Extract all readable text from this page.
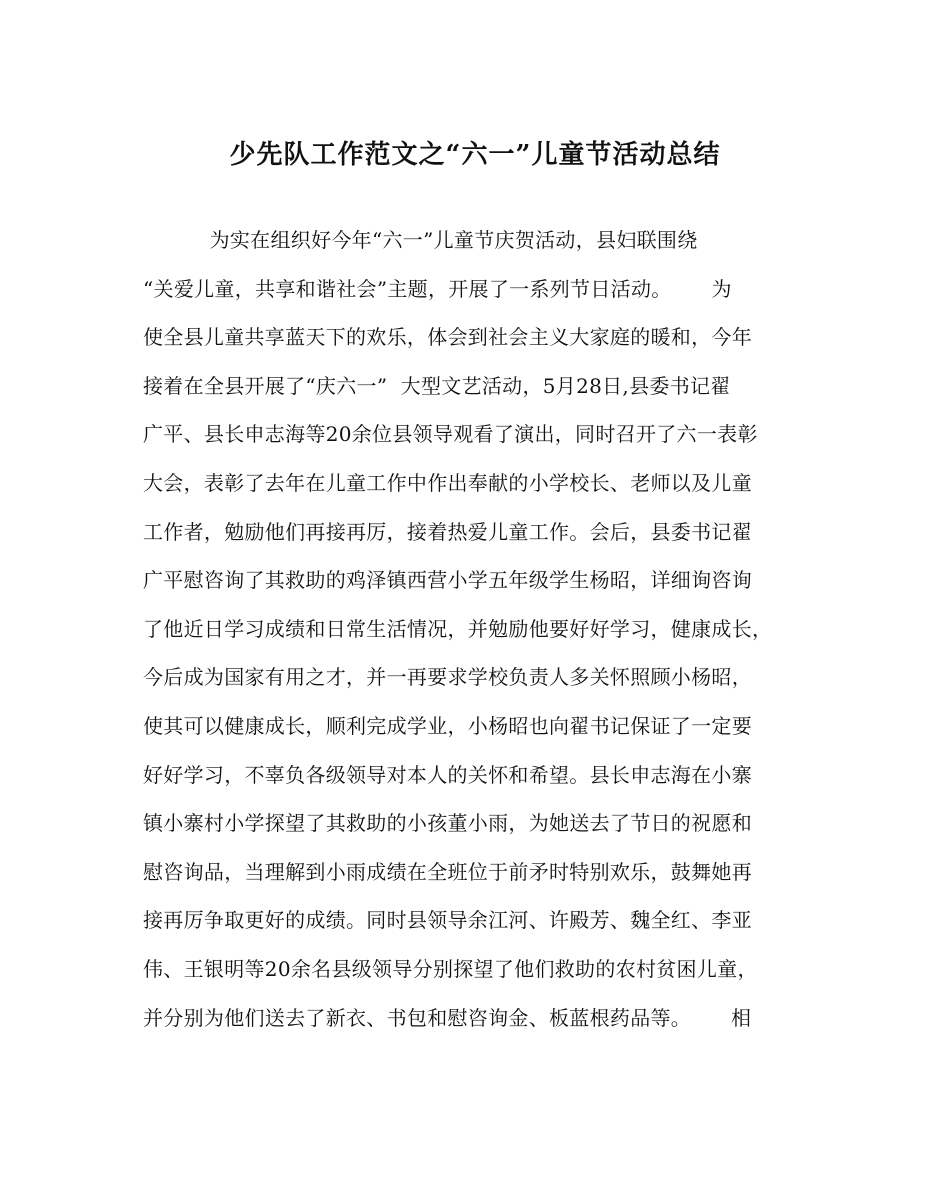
少先队工作范文之“六一”儿童节活动总结
为实在组织好今年“六一”儿童节庆贺活动，县妇联围绕
“关爱儿童，共享和谐社会”主题，开展了一系列节日活动。      为
使全县儿童共享蓝天下的欢乐，体会到社会主义大家庭的暖和，今年
接着在全县开展了“庆六一”  大型文艺活动，5月28日,县委书记翟
广平、县长申志海等20余位县领导观看了演出，同时召开了六一表彰
大会，表彰了去年在儿童工作中作出奉献的小学校长、老师以及儿童
工作者，勉励他们再接再厉，接着热爱儿童工作。会后，县委书记翟
广平慰咨询了其救助的鸡泽镇西营小学五年级学生杨昭，详细询咨询
了他近日学习成绩和日常生活情况，并勉励他要好好学习，健康成长，
今后成为国家有用之才，并一再要求学校负责人多关怀照顾小杨昭，
使其可以健康成长，顺利完成学业，小杨昭也向翟书记保证了一定要
好好学习，不辜负各级领导对本人的关怀和希望。县长申志海在小寨
镇小寨村小学探望了其救助的小孩董小雨，为她送去了节日的祝愿和
慰咨询品，当理解到小雨成绩在全班位于前矛时特别欢乐，鼓舞她再
接再厉争取更好的成绩。同时县领导余江河、许殿芳、魏全红、李亚
伟、王银明等20余名县级领导分别探望了他们救助的农村贫困儿童，
并分别为他们送去了新衣、书包和慰咨询金、板蓝根药品等。      相
